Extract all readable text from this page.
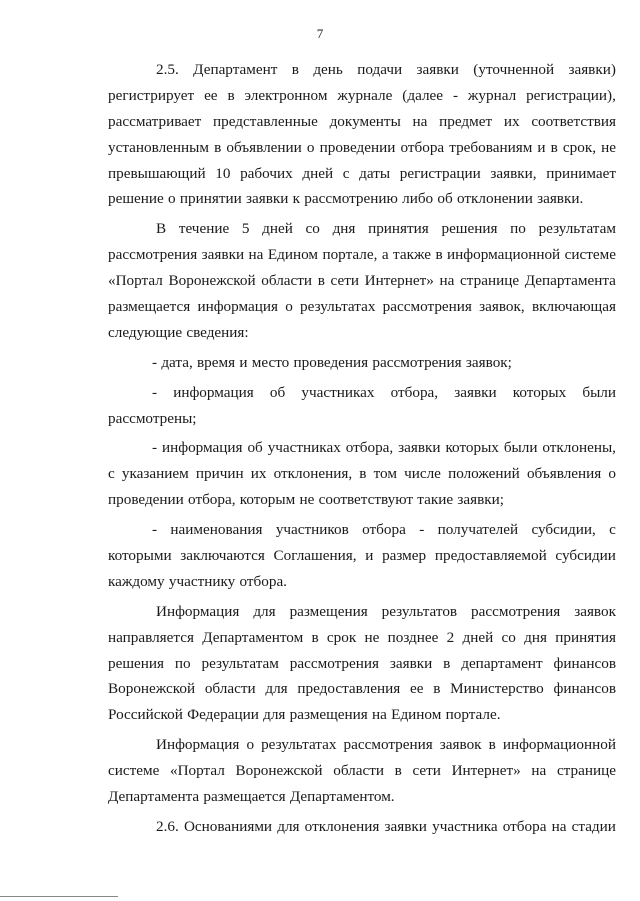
7
2.5. Департамент в день подачи заявки (уточненной заявки)
регистрирует ее в электронном журнале (далее - журнал регистрации),
рассматривает представленные документы на предмет их соответствия
установленным в объявлении о проведении отбора требованиям и в срок, не
превышающий 10 рабочих дней с даты регистрации заявки, принимает
решение о принятии заявки к рассмотрению либо об отклонении заявки.
В течение 5 дней со дня принятия решения по результатам
рассмотрения заявки на Едином портале, а также в информационной системе
«Портал Воронежской области в сети Интернет» на странице Департамента
размещается информация о результатах рассмотрения заявок, включающая
следующие сведения:
- дата, время и место проведения рассмотрения заявок;
- информация об участниках отбора, заявки которых были
рассмотрены;
- информация об участниках отбора, заявки которых были отклонены,
с указанием причин их отклонения, в том числе положений объявления о
проведении отбора, которым не соответствуют такие заявки;
- наименования участников отбора - получателей субсидии, с
которыми заключаются Соглашения, и размер предоставляемой субсидии
каждому участнику отбора.
Информация для размещения результатов рассмотрения заявок
направляется Департаментом в срок не позднее 2 дней со дня принятия
решения по результатам рассмотрения заявки в департамент финансов
Воронежской области для предоставления ее в Министерство финансов
Российской Федерации для размещения на Едином портале.
Информация о результатах рассмотрения заявок в информационной
системе «Портал Воронежской области в сети Интернет» на странице
Департамента размещается Департаментом.
2.6. Основаниями для отклонения заявки участника отбора на стадии
